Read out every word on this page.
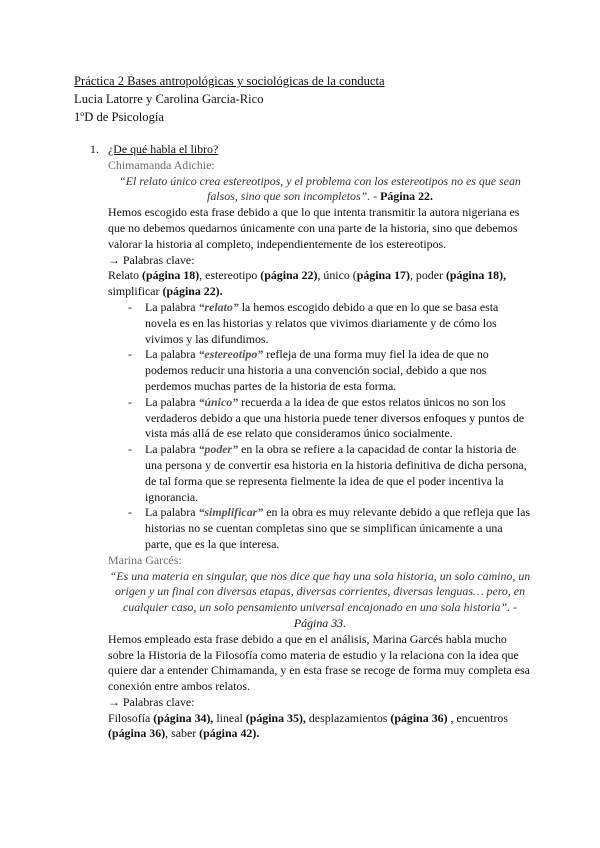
Práctica 2 Bases antropológicas y sociológicas de la conducta
Lucia Latorre y Carolina Garcia-Rico
1ºD de Psicología
1. ¿De qué habla el libro?
Chimamanda Adichie:
“El relato único crea estereotipos, y el problema con los estereotipos no es que sean falsos, sino que son incompletos”. - Página 22.
Hemos escogido esta frase debido a que lo que intenta transmitir la autora nigeriana es que no debemos quedarnos únicamente con una parte de la historia, sino que debemos valorar la historia al completo, independientemente de los estereotipos.
→ Palabras clave:
Relato (página 18), estereotipo (página 22), único (página 17), poder (página 18), simplificar (página 22).
- La palabra “relato” la hemos escogido debido a que en lo que se basa esta novela es en las historias y relatos que vivimos diariamente y de cómo los vivimos y las difundimos.
- La palabra “estereotipo” refleja de una forma muy fiel la idea de que no podemos reducir una historia a una convención social, debido a que nos perdemos muchas partes de la historia de esta forma.
- La palabra “único” recuerda a la idea de que estos relatos únicos no son los verdaderos debido a que una historia puede tener diversos enfoques y puntos de vista más allá de ese relato que consideramos único socialmente.
- La palabra “poder” en la obra se refiere a la capacidad de contar la historia de una persona y de convertir esa historia en la historia definitiva de dicha persona, de tal forma que se representa fielmente la idea de que el poder incentiva la ignorancia.
- La palabra “simplificar” en la obra es muy relevante debido a que refleja que las historias no se cuentan completas sino que se simplifican únicamente a una parte, que es la que interesa.
Marina Garcés:
“Es una materia en singular, que nos dice que hay una sola historia, un solo camino, un origen y un final con diversas etapas, diversas corrientes, diversas lenguas… pero, en cualquier caso, un solo pensamiento universal encajonado en una sola historia”. - Página 33.
Hemos empleado esta frase debido a que en el análisis, Marina Garcés habla mucho sobre la Historia de la Filosofía como materia de estudio y la relaciona con la idea que quiere dar a entender Chimamanda, y en esta frase se recoge de forma muy completa esa conexión entre ambos relatos.
→ Palabras clave:
Filosofía (página 34), lineal (página 35), desplazamientos (página 36) , encuentros (página 36), saber (página 42).
